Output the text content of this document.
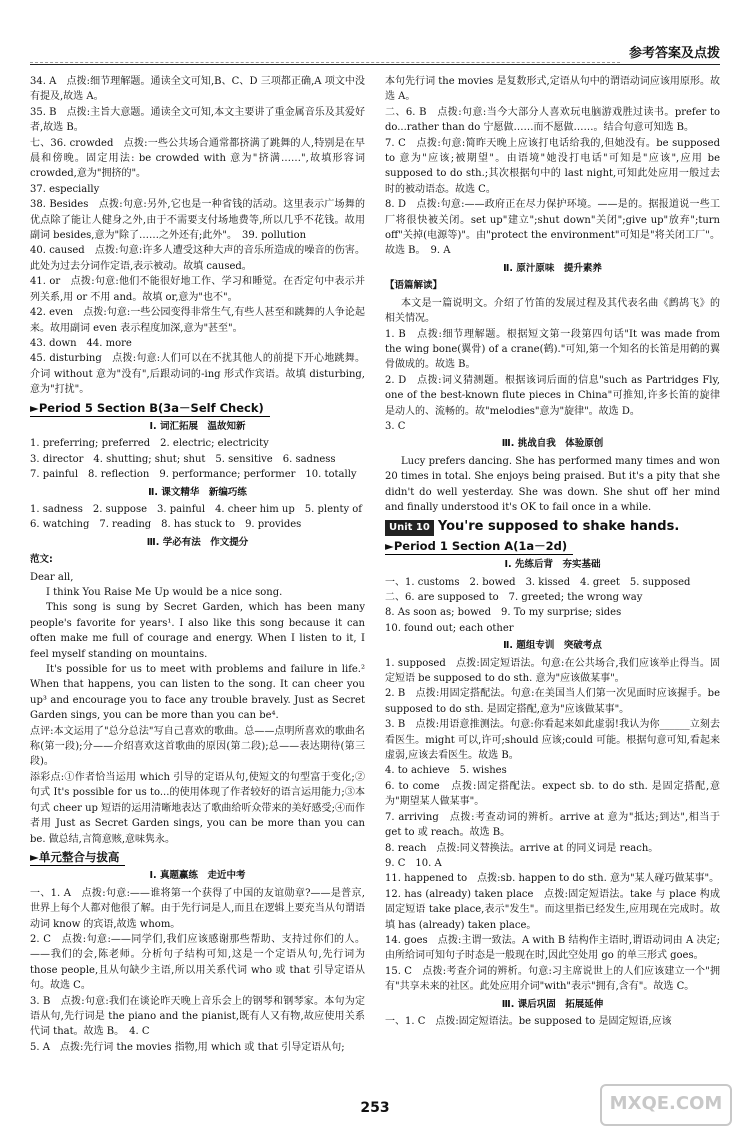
参考答案及点拨

34. A　点拨:细节理解题。通读全文可知,B、C、D 三项都正确,A 项文中没有提及,故选 A。

35. B　点拨:主旨大意题。通读全文可知,本文主要讲了重金属音乐及其爱好者,故选 B。

七、36. crowded　点拨:一些公共场合通常都挤满了跳舞的人,特别是在早晨和傍晚。固定用法: be crowded with 意为"挤满……",故填形容词 crowded,意为"拥挤的"。

37. especially

38. Besides　点拨:句意:另外,它也是一种省钱的活动。这里表示广场舞的优点除了能让人健身之外,由于不需要支付场地费等,所以几乎不花钱。故用副词 besides,意为"除了……之外还有;此外"。　39. pollution

40. caused　点拨:句意:许多人遭受这种大声的音乐所造成的噪音的伤害。此处为过去分词作定语,表示被动。故填 caused。

41. or　点拨:句意:他们不能很好地工作、学习和睡觉。在否定句中表示并列关系,用 or 不用 and。故填 or,意为"也不"。

42. even　点拨:句意:一些公园变得非常生气,有些人甚至和跳舞的人争论起来。故用副词 even 表示程度加深,意为"甚至"。

43. down　44. more

45. disturbing　点拨:句意:人们可以在不扰其他人的前提下开心地跳舞。介词 without 意为"没有",后跟动词的-ing 形式作宾语。故填 disturbing,意为"打扰"。

►Period 5 Section B(3a－Self Check)

Ⅰ. 词汇拓展　温故知新

1. preferring; preferred　2. electric; electricity

3. director　4. shutting; shut; shut　5. sensitive　6. sadness

7. painful　8. reflection　9. performance; performer　10. totally

Ⅱ. 课文精华　新编巧练

1. sadness　2. suppose　3. painful　4. cheer him up　5. plenty of

6. watching　7. reading　8. has stuck to　9. provides

Ⅲ. 学必有法　作文提分

范文:

Dear all,

I think You Raise Me Up would be a nice song.

This song is sung by Secret Garden, which has been many people's favorite for years¹. I also like this song because it can often make me full of courage and energy. When I listen to it, I feel myself standing on mountains.

It's possible for us to meet with problems and failure in life.² When that happens, you can listen to the song. It can cheer you up³ and encourage you to face any trouble bravely. Just as Secret Garden sings, you can be more than you can be⁴.

点评:本文运用了"总分总法"写自己喜欢的歌曲。总——点明所喜欢的歌曲名称(第一段);分——介绍喜欢这首歌曲的原因(第二段);总——表达期待(第三段)。

添彩点:①作者恰当运用 which 引导的定语从句,使短文的句型富于变化;②句式 It's possible for us to...的使用体现了作者较好的语言运用能力;③本句式 cheer up 短语的运用清晰地表达了歌曲给听众带来的美好感受;④而作者用 Just as Secret Garden sings, you can be more than you can be. 做总结,言简意赅,意味隽永。

►单元整合与拔高

Ⅰ. 真题赢练　走近中考

一、1. A　点拨:句意:——谁将第一个获得了中国的友谊勋章?——是普京,世界上每个人都对他很了解。由于先行词是人,而且在逻辑上要充当从句谓语动词 know 的宾语,故选 whom。

2. C　点拨:句意:——同学们,我们应该感谢那些帮助、支持过你们的人。——我们的会,陈老师。分析句子结构可知,这是一个定语从句,先行词为 those people,且从句缺少主语,所以用关系代词 who 或 that 引导定语从句。故选 C。

3. B　点拨:句意:我们在谈论昨天晚上音乐会上的钢琴和钢琴家。本句为定语从句,先行词是 the piano and the pianist,既有人又有物,故应使用关系代词 that。故选 B。　4. C

5. A　点拨:先行词 the movies 指物,用 which 或 that 引导定语从句;

本句先行词 the movies 是复数形式,定语从句中的谓语动词应该用原形。故选 A。

二、6. B　点拨:句意:当今大部分人喜欢玩电脑游戏胜过读书。prefer to do...rather than do 宁愿做……而不愿做……。结合句意可知选 B。

7. C　点拨:句意:简昨天晚上应该打电话给我的,但她没有。be supposed to 意为"应该;被期望"。由语境"她没打电话"可知是"应该",应用 be supposed to do sth.;其次根据句中的 last night,可知此处应用一般过去时的被动语态。故选 C。

8. D　点拨:句意:——政府正在尽力保护环境。——是的。据报道说一些工厂将很快被关闭。set up"建立";shut down"关闭";give up"放弃";turn off"关掉(电源等)"。由"protect the environment"可知是"将关闭工厂"。故选 B。　9. A

Ⅱ. 原汁原味　提升素养

【语篇解读】

本文是一篇说明文。介绍了竹笛的发展过程及其代表名曲《鹧鸪飞》的相关情况。

1. B　点拨:细节理解题。根据短文第一段第四句话"It was made from the wing bone(翼骨) of a crane(鹤)."可知,第一个知名的长笛是用鹤的翼骨做成的。故选 B。

2. D　点拨:词义猜测题。根据该词后面的信息"such as Partridges Fly, one of the best-known flute pieces in China"可推知,许多长笛的旋律是动人的、流畅的。故"melodies"意为"旋律"。故选 D。

3. C

Ⅲ. 挑战自我　体验原创

Lucy prefers dancing. She has performed many times and won 20 times in total. She enjoys being praised. But it's a pity that she didn't do well yesterday. She was down. She shut off her mind and finally understood it's OK to fail once in a while.

Unit 10 You're supposed to shake hands.
►Period 1 Section A(1a－2d)

Ⅰ. 先练后背　夯实基础

一、1. customs　2. bowed　3. kissed　4. greet　5. supposed

二、6. are supposed to　7. greeted; the wrong way

8. As soon as; bowed　9. To my surprise; sides

10. found out; each other

Ⅱ. 题组专训　突破考点

1. supposed　点拨:固定短语法。句意:在公共场合,我们应该举止得当。固定短语 be supposed to do sth. 意为"应该做某事"。

2. B　点拨:用固定搭配法。句意:在美国当人们第一次见面时应该握手。be supposed to do sth. 是固定搭配,意为"应该做某事"。

3. B　点拨:用语意推测法。句意:你看起来如此虚弱!我认为你______立刻去看医生。might 可以,许可;should 应该;could 可能。根据句意可知,看起来虚弱,应该去看医生。故选 B。

4. to achieve　5. wishes

6. to come　点拨:固定搭配法。expect sb. to do sth. 是固定搭配,意为"期望某人做某事"。

7. arriving　点拨:考查动词的辨析。arrive at 意为"抵达;到达",相当于 get to 或 reach。故选 B。

8. reach　点拨:同义替换法。arrive at 的同义词是 reach。

9. C　10. A

11. happened to　点拨:sb. happen to do sth. 意为"某人碰巧做某事"。

12. has (already) taken place　点拨:固定短语法。take 与 place 构成固定短语 take place,表示"发生"。而这里指已经发生,应用现在完成时。故填 has (already) taken place。

14. goes　点拨:主谓一致法。A with B 结构作主语时,谓语动词由 A 决定;由所给词可知句子时态是一般现在时,因此空处用 go 的单三形式 goes。

15. C　点拨:考查介词的辨析。句意:习主席说世上的人们应该建立一个"拥有"共享未来的社区。此处应用介词"with"表示"拥有,含有"。故选 C。

Ⅲ. 课后巩固　拓展延伸

一、1. C　点拨:固定短语法。be supposed to 是固定短语,应该

253	MXQE.COM
